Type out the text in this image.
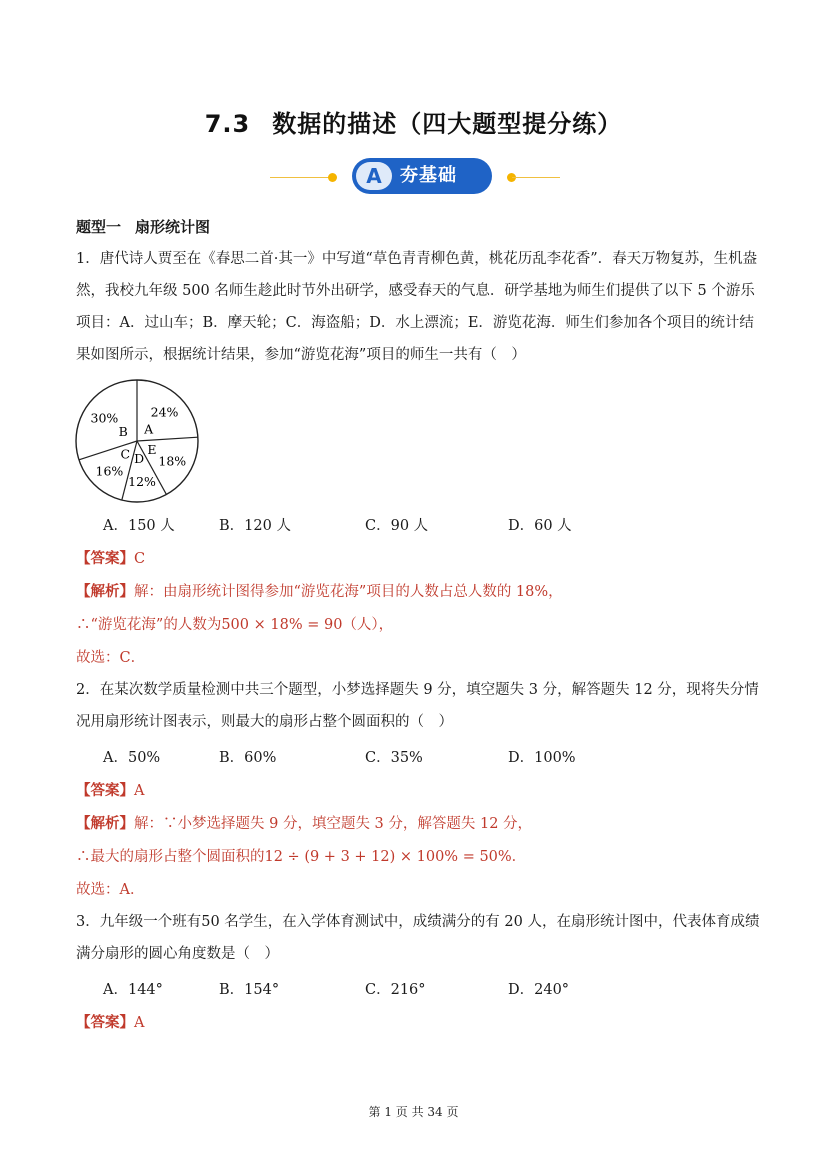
7.3 数据的描述（四大题型提分练）
A	夯基础
题型一 扇形统计图
1．唐代诗人贾至在《春思二首·其一》中写道“草色青青柳色黄，桃花历乱李花香”．春天万物复苏，生机盎
然，我校九年级 500 名师生趁此时节外出研学，感受春天的气息．研学基地为师生们提供了以下 5 个游乐
项目：A．过山车；B．摩天轮；C．海盗船；D．水上漂流；E．游览花海．师生们参加各个项目的统计结
果如图所示，根据统计结果，参加“游览花海”项目的师生一共有（　）
A
24%
E
18%
D
12%
C
16%
B
30%
A．150 人	B．120 人	C．90 人	D．60 人
【答案】C
【解析】解：由扇形统计图得参加“游览花海”项目的人数占总人数的 18%，
∴“游览花海”的人数为500 × 18% = 90（人），
故选：C．
2．在某次数学质量检测中共三个题型，小梦选择题失 9 分，填空题失 3 分，解答题失 12 分，现将失分情
况用扇形统计图表示，则最大的扇形占整个圆面积的（　）
A．50%	B．60%	C．35%	D．100%
【答案】A
【解析】解：∵小梦选择题失 9 分，填空题失 3 分，解答题失 12 分，
∴最大的扇形占整个圆面积的12 ÷ (9 + 3 + 12) × 100% = 50%．
故选：A．
3．九年级一个班有50 名学生，在入学体育测试中，成绩满分的有 20 人，在扇形统计图中，代表体育成绩
满分扇形的圆心角度数是（　）
A．144°	B．154°	C．216°	D．240°
【答案】A
第 1 页 共 34 页
